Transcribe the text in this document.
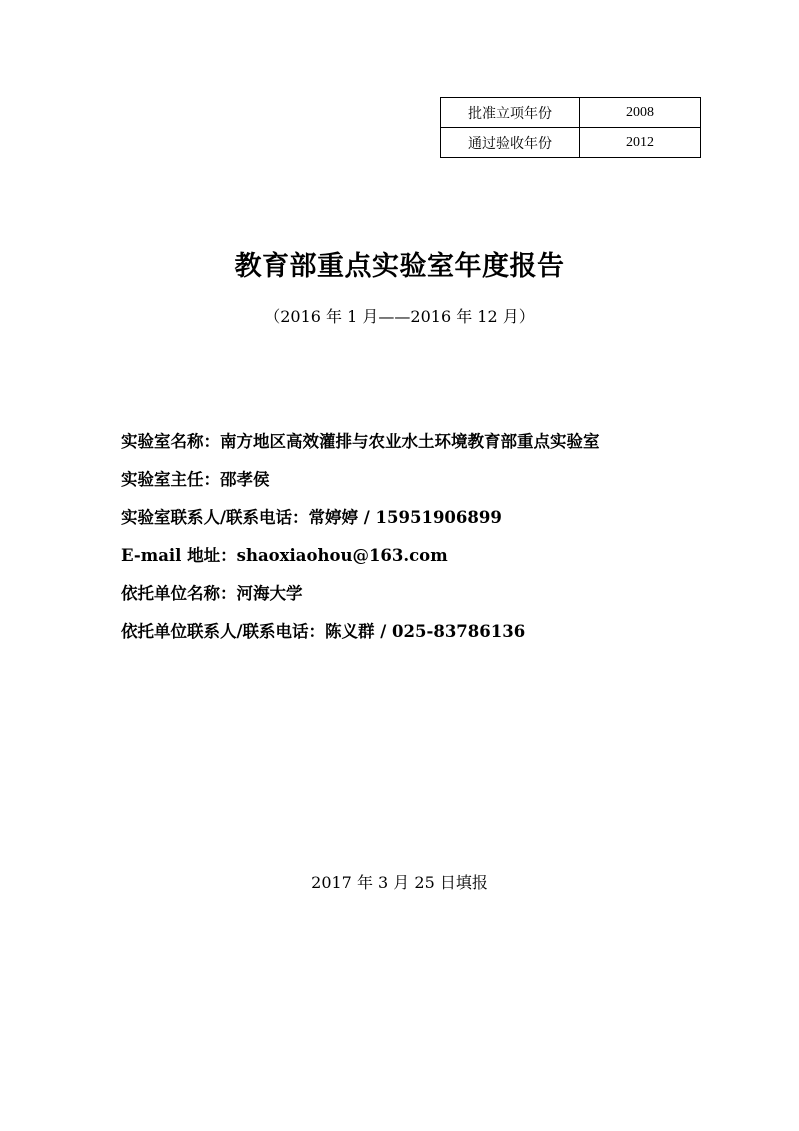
批准立项年份	2008
通过验收年份	2012
教育部重点实验室年度报告
（2016 年 1 月——2016 年 12 月）
实验室名称：南方地区高效灌排与农业水土环境教育部重点实验室
实验室主任：邵孝侯
实验室联系人/联系电话：常婷婷 / 15951906899
E-mail 地址：shaoxiaohou@163.com
依托单位名称：河海大学
依托单位联系人/联系电话：陈义群 / 025-83786136
2017 年 3 月 25 日填报
